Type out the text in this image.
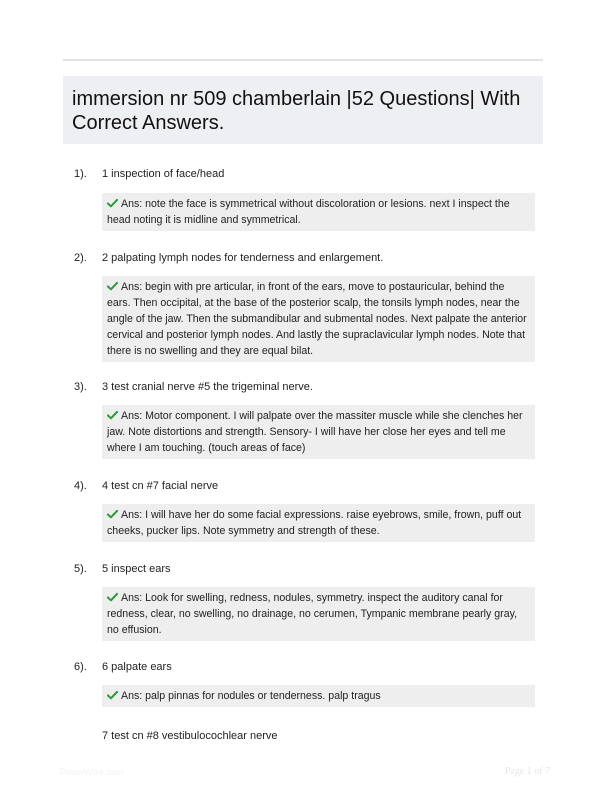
immersion nr 509 chamberlain |52 Questions| With Correct Answers.
1). 1 inspection of face/head
Ans: note the face is symmetrical without discoloration or lesions. next I inspect the head noting it is midline and symmetrical.
2). 2 palpating lymph nodes for tenderness and enlargement.
Ans: begin with pre articular, in front of the ears, move to postauricular, behind the ears. Then occipital, at the base of the posterior scalp, the tonsils lymph nodes, near the angle of the jaw. Then the submandibular and submental nodes. Next palpate the anterior cervical and posterior lymph nodes. And lastly the supraclavicular lymph nodes. Note that there is no swelling and they are equal bilat.
3). 3 test cranial nerve #5 the trigeminal nerve.
Ans: Motor component. I will palpate over the massiter muscle while she clenches her jaw. Note distortions and strength. Sensory- I will have her close her eyes and tell me where I am touching. (touch areas of face)
4). 4 test cn #7 facial nerve
Ans: I will have her do some facial expressions. raise eyebrows, smile, frown, puff out cheeks, pucker lips. Note symmetry and strength of these.
5). 5 inspect ears
Ans: Look for swelling, redness, nodules, symmetry. inspect the auditory canal for redness, clear, no swelling, no drainage, no cerumen, Tympanic membrane pearly gray, no effusion.
6). 6 palpate ears
Ans: palp pinnas for nodules or tenderness. palp tragus
7 test cn #8 vestibulocochlear nerve
PaperWise.com	Page 1 of 7
